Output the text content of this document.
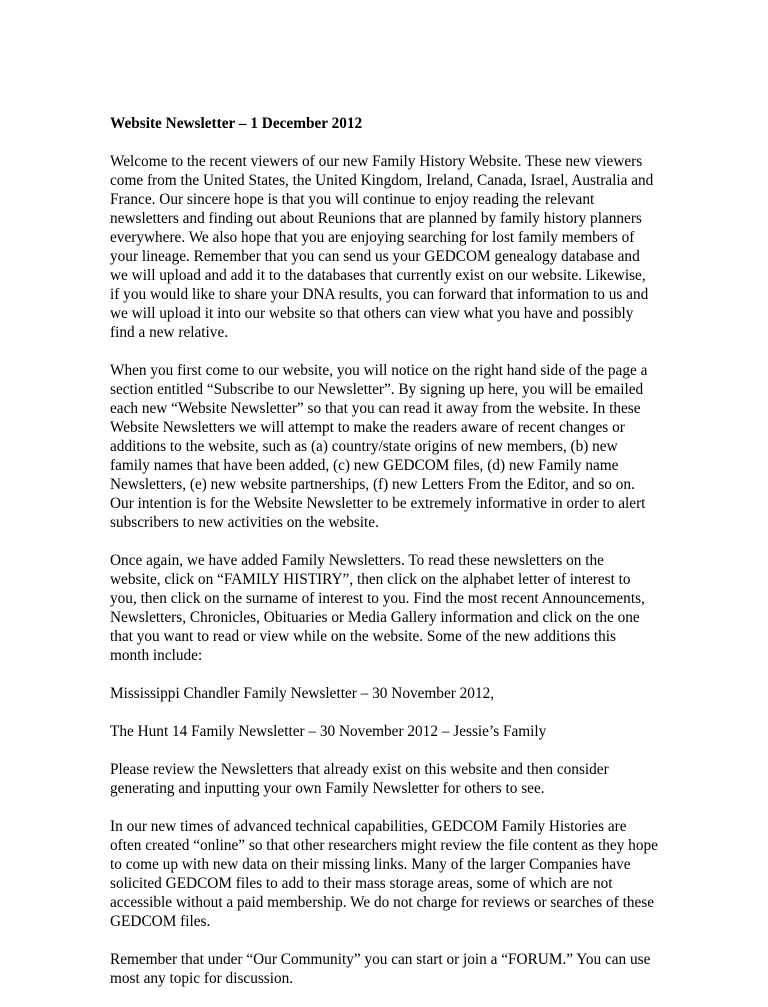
Website Newsletter – 1 December 2012
Welcome to the recent viewers of our new Family History Website. These new viewers
come from the United States, the United Kingdom, Ireland, Canada, Israel, Australia and
France. Our sincere hope is that you will continue to enjoy reading the relevant
newsletters and finding out about Reunions that are planned by family history planners
everywhere. We also hope that you are enjoying searching for lost family members of
your lineage. Remember that you can send us your GEDCOM genealogy database and
we will upload and add it to the databases that currently exist on our website. Likewise,
if you would like to share your DNA results, you can forward that information to us and
we will upload it into our website so that others can view what you have and possibly
find a new relative.
When you first come to our website, you will notice on the right hand side of the page a
section entitled “Subscribe to our Newsletter”. By signing up here, you will be emailed
each new “Website Newsletter” so that you can read it away from the website. In these
Website Newsletters we will attempt to make the readers aware of recent changes or
additions to the website, such as (a) country/state origins of new members, (b) new
family names that have been added, (c) new GEDCOM files, (d) new Family name
Newsletters, (e) new website partnerships, (f) new Letters From the Editor, and so on.
Our intention is for the Website Newsletter to be extremely informative in order to alert
subscribers to new activities on the website.
Once again, we have added Family Newsletters. To read these newsletters on the
website, click on “FAMILY HISTIRY”, then click on the alphabet letter of interest to
you, then click on the surname of interest to you. Find the most recent Announcements,
Newsletters, Chronicles, Obituaries or Media Gallery information and click on the one
that you want to read or view while on the website. Some of the new additions this
month include:
Mississippi Chandler Family Newsletter – 30 November 2012,
The Hunt 14 Family Newsletter – 30 November 2012 – Jessie’s Family
Please review the Newsletters that already exist on this website and then consider
generating and inputting your own Family Newsletter for others to see.
In our new times of advanced technical capabilities, GEDCOM Family Histories are
often created “online” so that other researchers might review the file content as they hope
to come up with new data on their missing links. Many of the larger Companies have
solicited GEDCOM files to add to their mass storage areas, some of which are not
accessible without a paid membership. We do not charge for reviews or searches of these
GEDCOM files.
Remember that under “Our Community” you can start or join a “FORUM.” You can use
most any topic for discussion.
